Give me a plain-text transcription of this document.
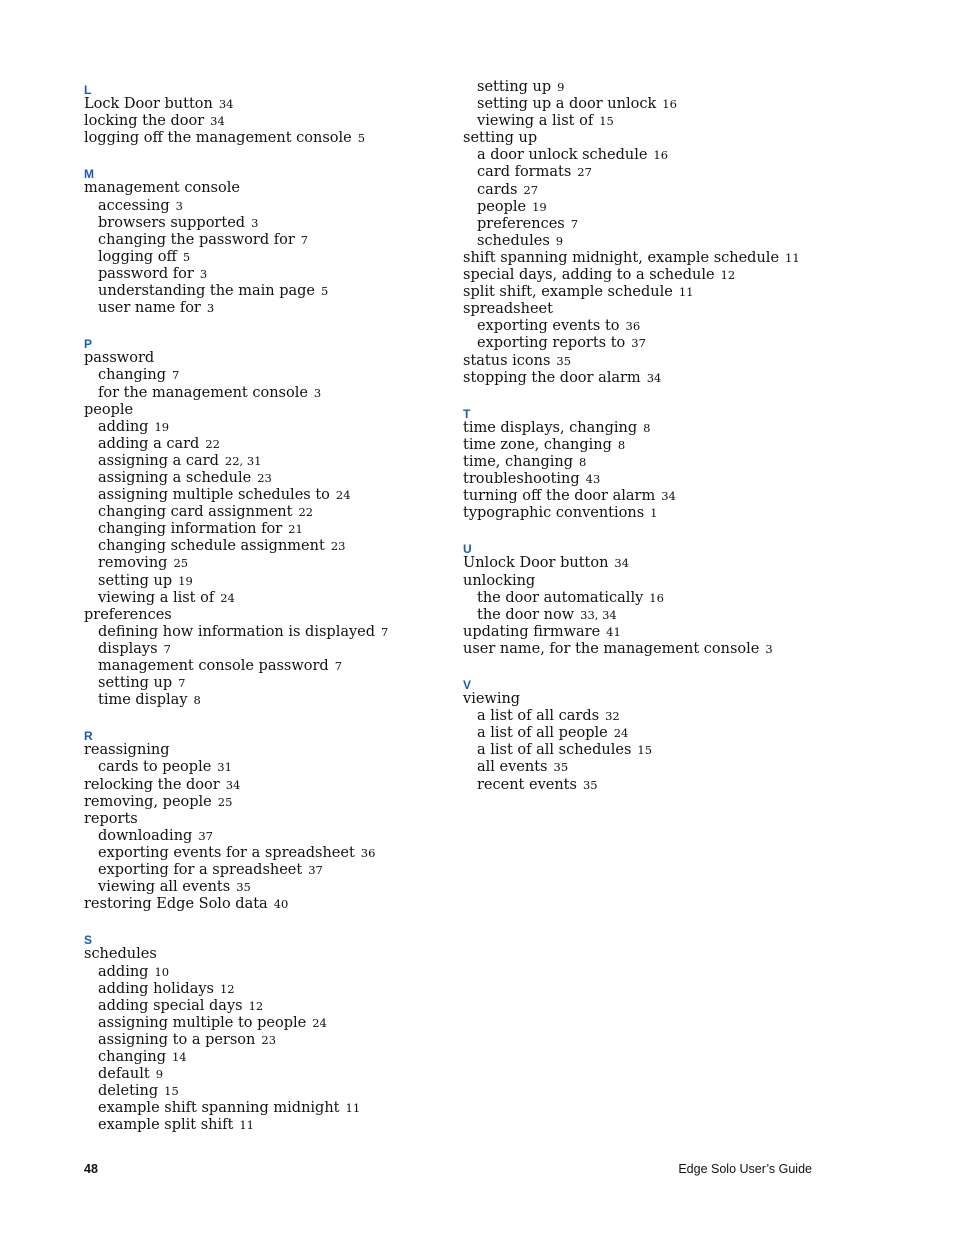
L
Lock Door button 34
locking the door 34
logging off the management console 5
M
management console
accessing 3
browsers supported 3
changing the password for 7
logging off 5
password for 3
understanding the main page 5
user name for 3
P
password
changing 7
for the management console 3
people
adding 19
adding a card 22
assigning a card 22, 31
assigning a schedule 23
assigning multiple schedules to 24
changing card assignment 22
changing information for 21
changing schedule assignment 23
removing 25
setting up 19
viewing a list of 24
preferences
defining how information is displayed 7
displays 7
management console password 7
setting up 7
time display 8
R
reassigning
cards to people 31
relocking the door 34
removing, people 25
reports
downloading 37
exporting events for a spreadsheet 36
exporting for a spreadsheet 37
viewing all events 35
restoring Edge Solo data 40
S
schedules
adding 10
adding holidays 12
adding special days 12
assigning multiple to people 24
assigning to a person 23
changing 14
default 9
deleting 15
example shift spanning midnight 11
example split shift 11
setting up 9
setting up a door unlock 16
viewing a list of 15
setting up
a door unlock schedule 16
card formats 27
cards 27
people 19
preferences 7
schedules 9
shift spanning midnight, example schedule 11
special days, adding to a schedule 12
split shift, example schedule 11
spreadsheet
exporting events to 36
exporting reports to 37
status icons 35
stopping the door alarm 34
T
time displays, changing 8
time zone, changing 8
time, changing 8
troubleshooting 43
turning off the door alarm 34
typographic conventions 1
U
Unlock Door button 34
unlocking
the door automatically 16
the door now 33, 34
updating firmware 41
user name, for the management console 3
V
viewing
a list of all cards 32
a list of all people 24
a list of all schedules 15
all events 35
recent events 35
48	Edge Solo User’s Guide
